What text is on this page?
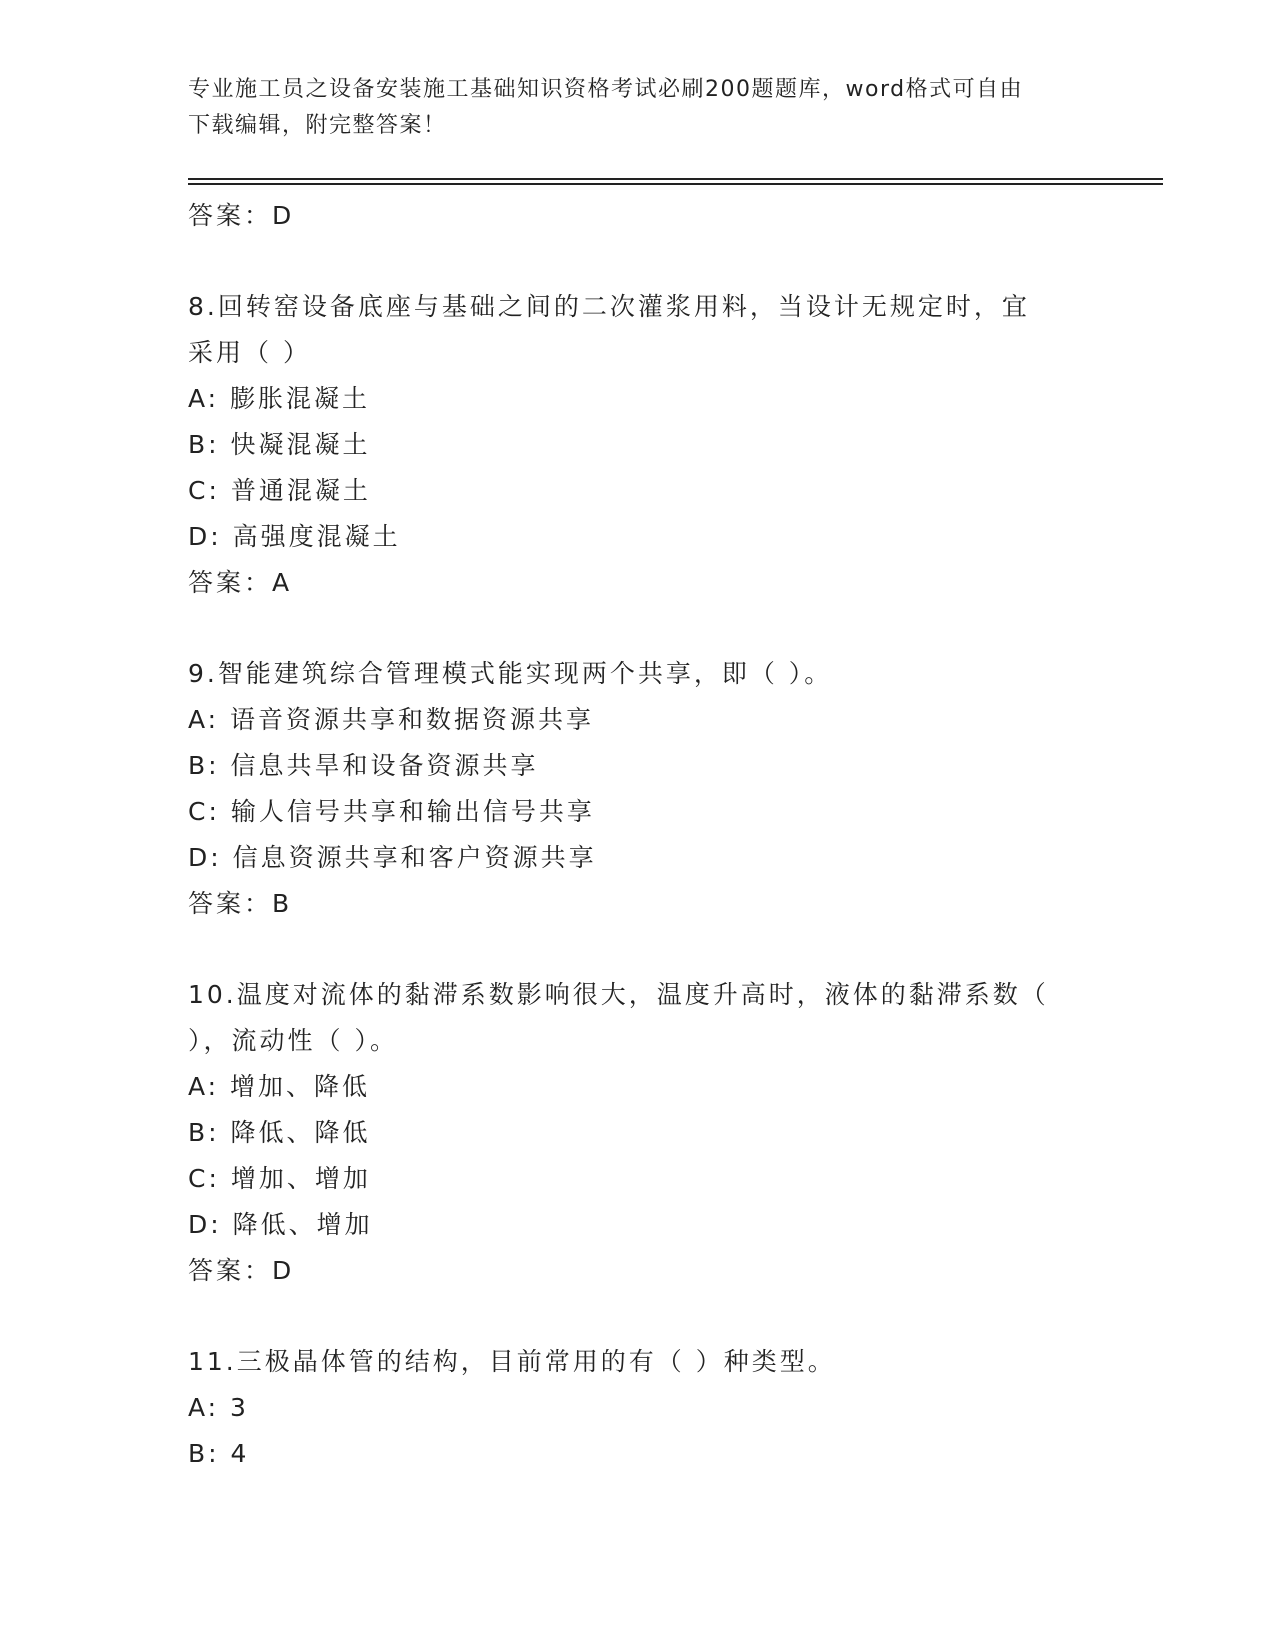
专业施工员之设备安装施工基础知识资格考试必刷200题题库，word格式可自由
下载编辑，附完整答案！
答案：D
8.回转窑设备底座与基础之间的二次灌浆用料，当设计无规定时，宜
采用（ ）
A: 膨胀混凝土
B: 快凝混凝土
C: 普通混凝土
D: 高强度混凝土
答案：A
9.智能建筑综合管理模式能实现两个共享，即（ ）。
A: 语音资源共享和数据资源共享
B: 信息共旱和设备资源共享
C: 输人信号共享和输出信号共享
D: 信息资源共享和客户资源共享
答案：B
10.温度对流体的黏滞系数影响很大，温度升高时，液体的黏滞系数（
），流动性（ ）。
A: 增加、降低
B: 降低、降低
C: 增加、增加
D: 降低、增加
答案：D
11.三极晶体管的结构，目前常用的有（ ）种类型。
A: 3
B: 4
